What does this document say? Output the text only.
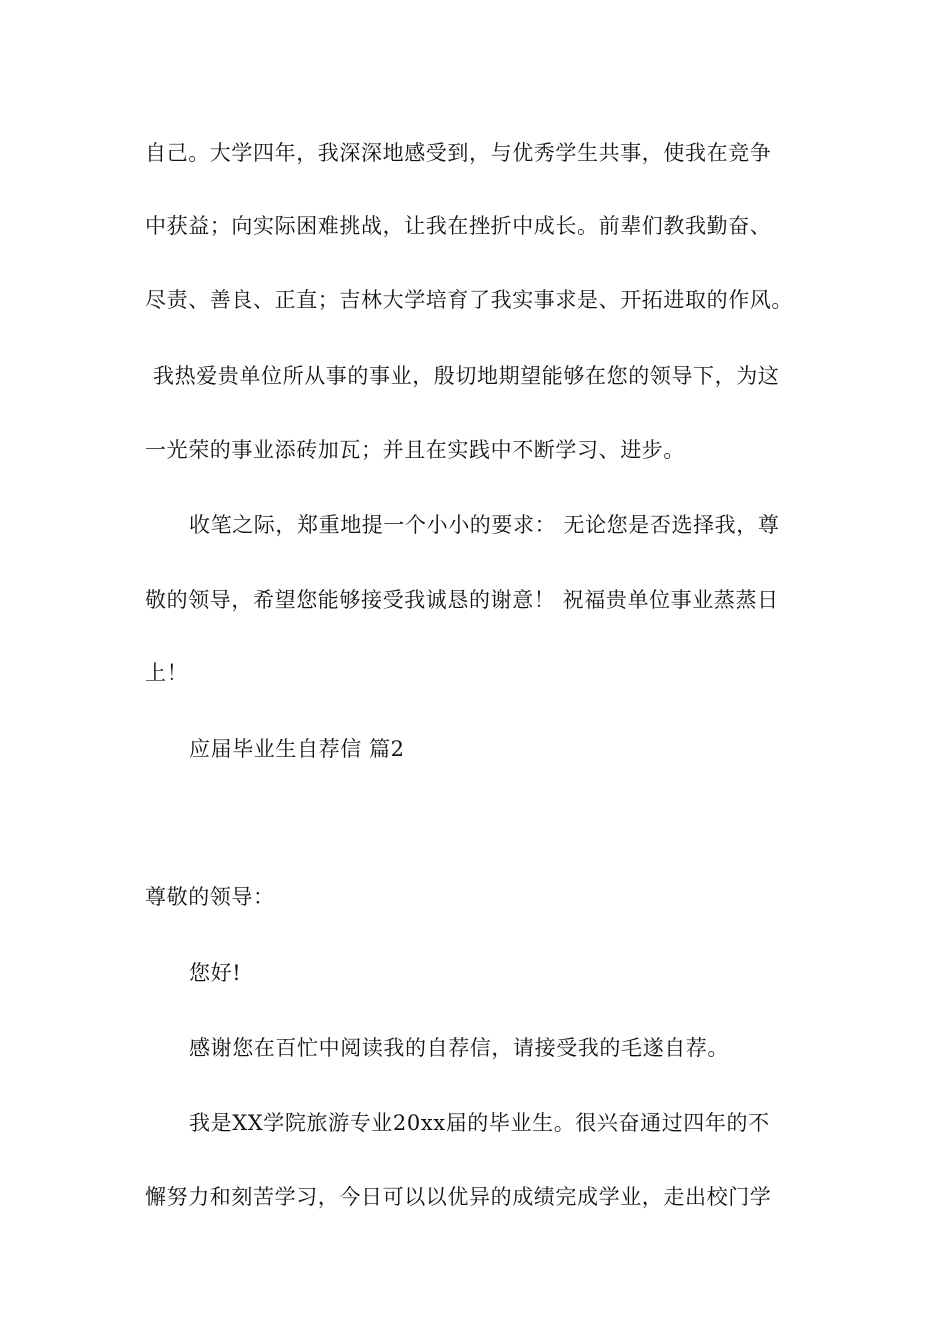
自己。大学四年，我深深地感受到，与优秀学生共事，使我在竞争
中获益；向实际困难挑战，让我在挫折中成长。前辈们教我勤奋、
尽责、善良、正直；吉林大学培育了我实事求是、开拓进取的作风。
我热爱贵单位所从事的事业，殷切地期望能够在您的领导下，为这
一光荣的事业添砖加瓦；并且在实践中不断学习、进步。
收笔之际，郑重地提一个小小的要求： 无论您是否选择我，尊
敬的领导，希望您能够接受我诚恳的谢意！ 祝福贵单位事业蒸蒸日
上！
应届毕业生自荐信 篇2
尊敬的领导：
您好!
感谢您在百忙中阅读我的自荐信，请接受我的毛遂自荐。
我是XX学院旅游专业20xx届的毕业生。很兴奋通过四年的不
懈努力和刻苦学习，今日可以以优异的成绩完成学业，走出校门学
